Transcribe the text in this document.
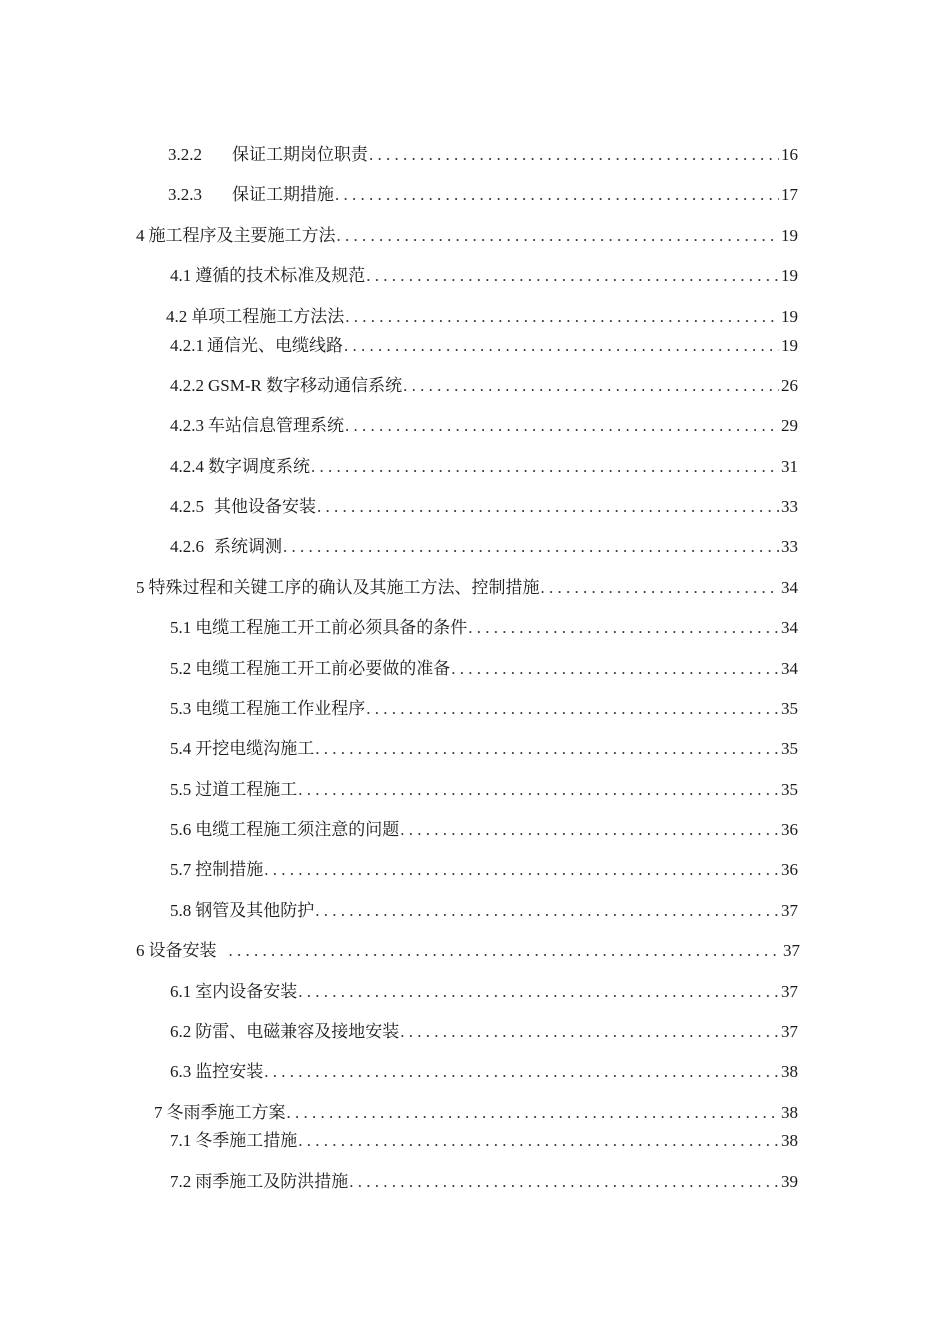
3.2.2 保证工期岗位职责 . . .	16
3.2.3 保证工期措施 . . .	17
4 施工程序及主要施工方法 . . .	19
4.1 遵循的技术标准及规范 . . .	19
4.2 单项工程施工方法法 . . .	19
4.2.1 通信光、电缆线路 . . .	19
4.2.2 GSM-R 数字移动通信系统 . . .	26
4.2.3 车站信息管理系统 . . .	29
4.2.4 数字调度系统 . . .	31
4.2.5 其他设备安装 . . .	33
4.2.6 系统调测 . . .	33
5 特殊过程和关键工序的确认及其施工方法、控制措施 . . .	34
5.1 电缆工程施工开工前必须具备的条件 . . .	34
5.2 电缆工程施工开工前必要做的准备 . . .	34
5.3 电缆工程施工作业程序 . . .	35
5.4 开挖电缆沟施工 . . .	35
5.5 过道工程施工 . . .	35
5.6 电缆工程施工须注意的问题 . . .	36
5.7 控制措施 . . .	36
5.8 钢管及其他防护 . . .	37
6 设备安装 . . .	37
6.1 室内设备安装 . . .	37
6.2 防雷、电磁兼容及接地安装 . . .	37
6.3 监控安装 . . .	38
7 冬雨季施工方案 . . .	38
7.1 冬季施工措施 . . .	38
7.2 雨季施工及防洪措施 . . .	39
